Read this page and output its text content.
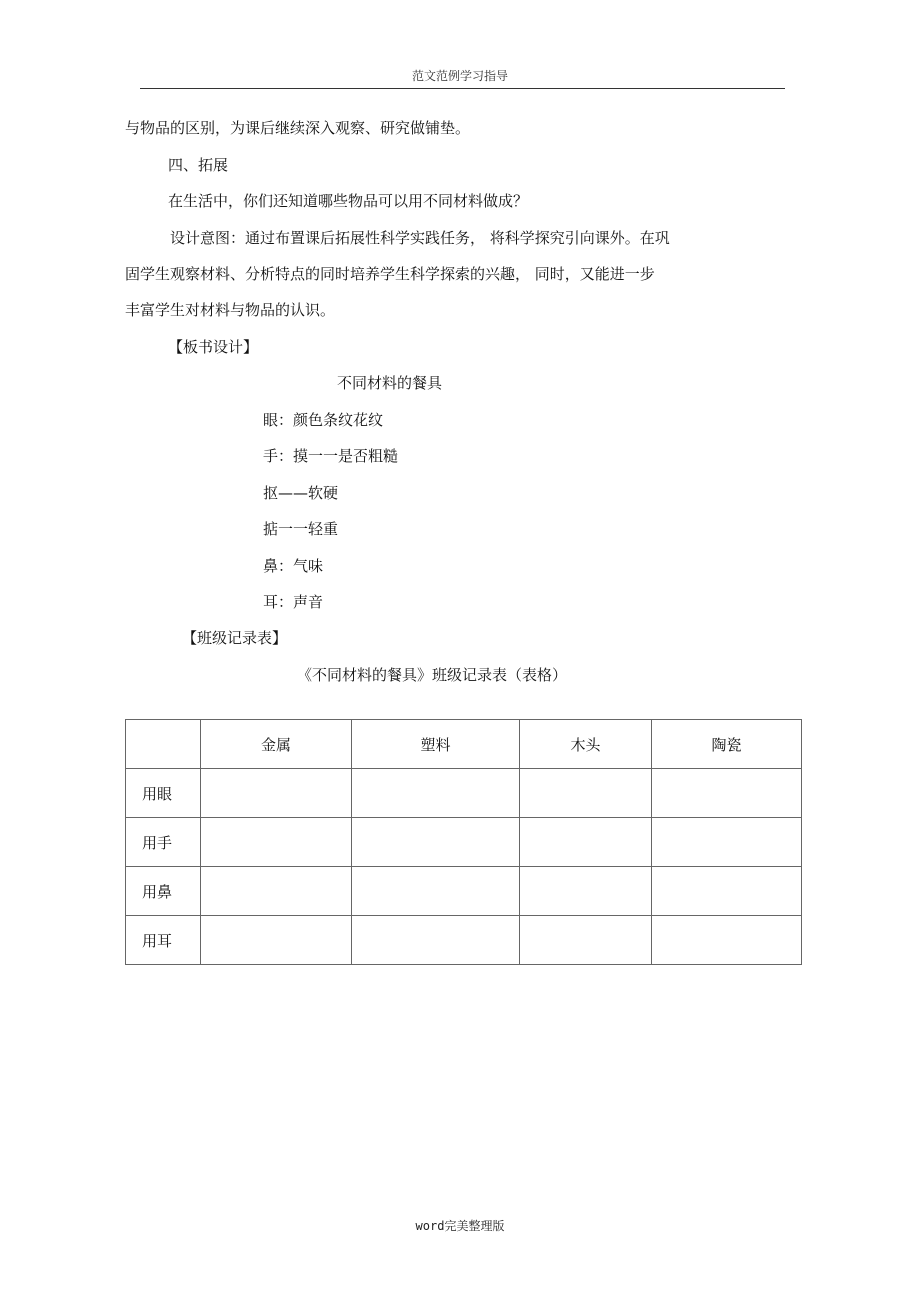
范文范例学习指导
与物品的区别，为课后继续深入观察、研究做铺垫。
四、拓展
在生活中，你们还知道哪些物品可以用不同材料做成？
设计意图：通过布置课后拓展性科学实践任务， 将科学探究引向课外。在巩
固学生观察材料、分析特点的同时培养学生科学探索的兴趣， 同时，又能进一步
丰富学生对材料与物品的认识。
【板书设计】
不同材料的餐具
眼：颜色条纹花纹
手：摸一一是否粗糙
抠——软硬
掂一一轻重
鼻：气味
耳：声音
【班级记录表】
《不同材料的餐具》班级记录表（表格）
	金属	塑料	木头	陶瓷
用眼				
用手				
用鼻				
用耳				
word完美整理版
